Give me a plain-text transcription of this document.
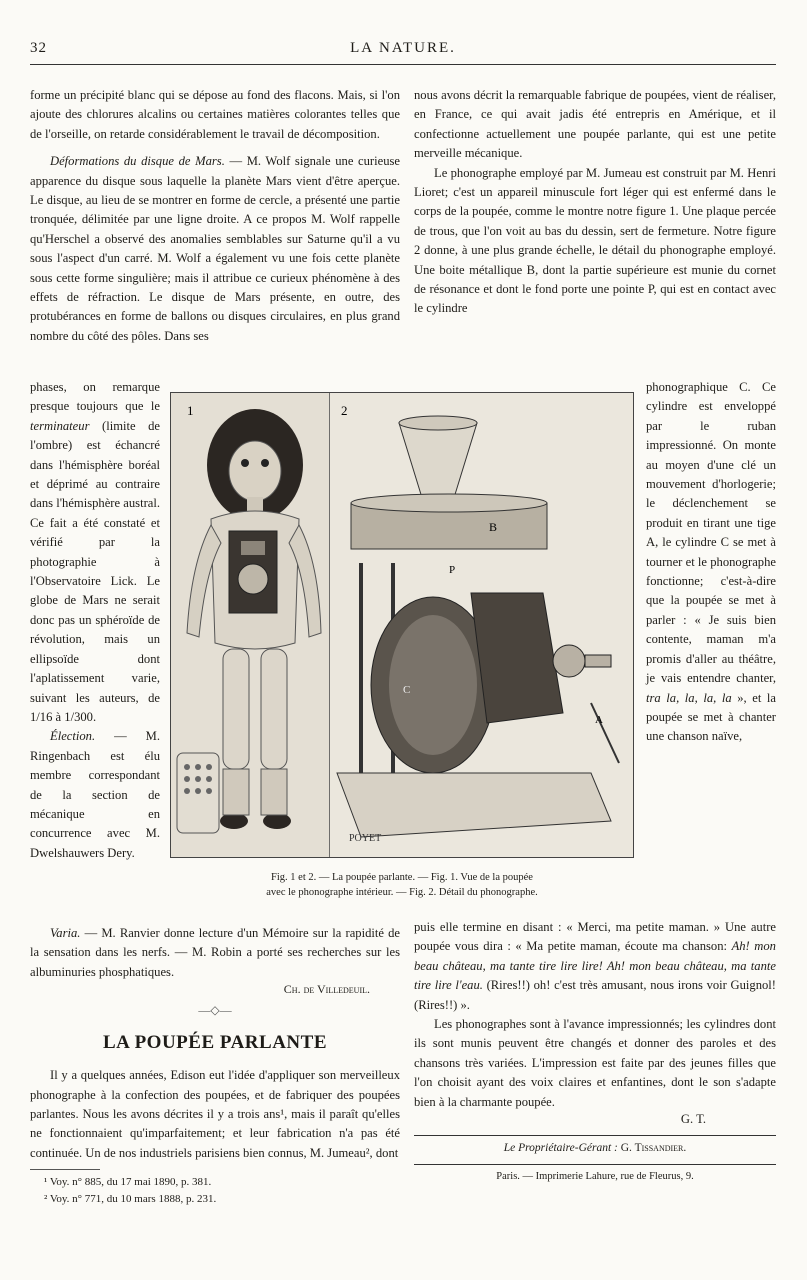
32	LA NATURE.

forme un précipité blanc qui se dépose au fond des flacons. Mais, si l'on ajoute des chlorures alcalins ou certaines matières colorantes telles que de l'orseille, on retarde considérablement le travail de décomposition.

Déformations du disque de Mars. — M. Wolf signale une curieuse apparence du disque sous laquelle la planète Mars vient d'être aperçue. Le disque, au lieu de se montrer en forme de cercle, a présenté une partie tronquée, délimitée par une ligne droite. A ce propos M. Wolf rappelle qu'Herschel a observé des anomalies semblables sur Saturne qu'il a vu sous l'aspect d'un carré. M. Wolf a également vu une fois cette planète sous cette forme singulière; mais il attribue ce curieux phénomène à des effets de réfraction. Le disque de Mars présente, en outre, des protubérances en forme de ballons ou disques circulaires, en plus grand nombre du côté des pôles. Dans ses

phases, on remarque presque toujours que le terminateur (limite de l'ombre) est échancré dans l'hémisphère boréal et déprimé au contraire dans l'hémisphère austral. Ce fait a été constaté et vérifié par la photographie à l'Observatoire Lick. Le globe de Mars ne serait donc pas un sphéroïde de révolution, mais un ellipsoïde dont l'aplatissement varie, suivant les auteurs, de 1/16 à 1/300.

Élection. — M. Ringenbach est élu membre correspondant de la section de mécanique en concurrence avec M. Dwelshauwers Dery.

1	2
B
P
C
A
POYET
Fig. 1 et 2. — La poupée parlante. — Fig. 1. Vue de la poupée
avec le phonographe intérieur. — Fig. 2. Détail du phonographe.

Varia. — M. Ranvier donne lecture d'un Mémoire sur la rapidité de la sensation dans les nerfs. — M. Robin a porté ses recherches sur les albuminuries phosphatiques.

Ch. de Villedeuil.
—◇—
LA POUPÉE PARLANTE

Il y a quelques années, Edison eut l'idée d'appliquer son merveilleux phonographe à la confection des poupées, et de fabriquer des poupées parlantes. Nous les avons décrites il y a trois ans¹, mais il paraît qu'elles ne fonctionnaient qu'imparfaitement; et leur fabrication n'a pas été continuée. Un de nos industriels parisiens bien connus, M. Jumeau², dont

¹ Voy. n° 885, du 17 mai 1890, p. 381.
² Voy. n° 771, du 10 mars 1888, p. 231.

nous avons décrit la remarquable fabrique de poupées, vient de réaliser, en France, ce qui avait jadis été entrepris en Amérique, et il confectionne actuellement une poupée parlante, qui est une petite merveille mécanique.

Le phonographe employé par M. Jumeau est construit par M. Henri Lioret; c'est un appareil minuscule fort léger qui est enfermé dans le corps de la poupée, comme le montre notre figure 1. Une plaque percée de trous, que l'on voit au bas du dessin, sert de fermeture. Notre figure 2 donne, à une plus grande échelle, le détail du phonographe employé. Une boite métallique B, dont la partie supérieure est munie du cornet de résonance et dont le fond porte une pointe P, qui est en contact avec le cylindre

phonographique C. Ce cylindre est enveloppé par le ruban impressionné. On monte au moyen d'une clé un mouvement d'horlogerie; le déclenchement se produit en tirant une tige A, le cylindre C se met à tourner et le phonographe fonctionne; c'est-à-dire que la poupée se met à parler : « Je suis bien contente, maman m'a promis d'aller au théâtre, je vais entendre chanter, tra la, la, la, la », et la poupée se met à chanter une chanson naïve,

puis elle termine en disant : « Merci, ma petite maman. » Une autre poupée vous dira : « Ma petite maman, écoute ma chanson: Ah! mon beau château, ma tante tire lire lire! Ah! mon beau château, ma tante tire lire l'eau. (Rires!!) oh! c'est très amusant, nous irons voir Guignol! (Rires!!) ».

Les phonographes sont à l'avance impressionnés; les cylindres dont ils sont munis peuvent être changés et donner des paroles et des chansons très variées. L'impression est faite par des jeunes filles que l'on choisit ayant des voix claires et enfantines, dont le son s'adapte bien à la charmante poupée.

G. T.
Le Propriétaire-Gérant : G. Tissandier.
Paris. — Imprimerie Lahure, rue de Fleurus, 9.
